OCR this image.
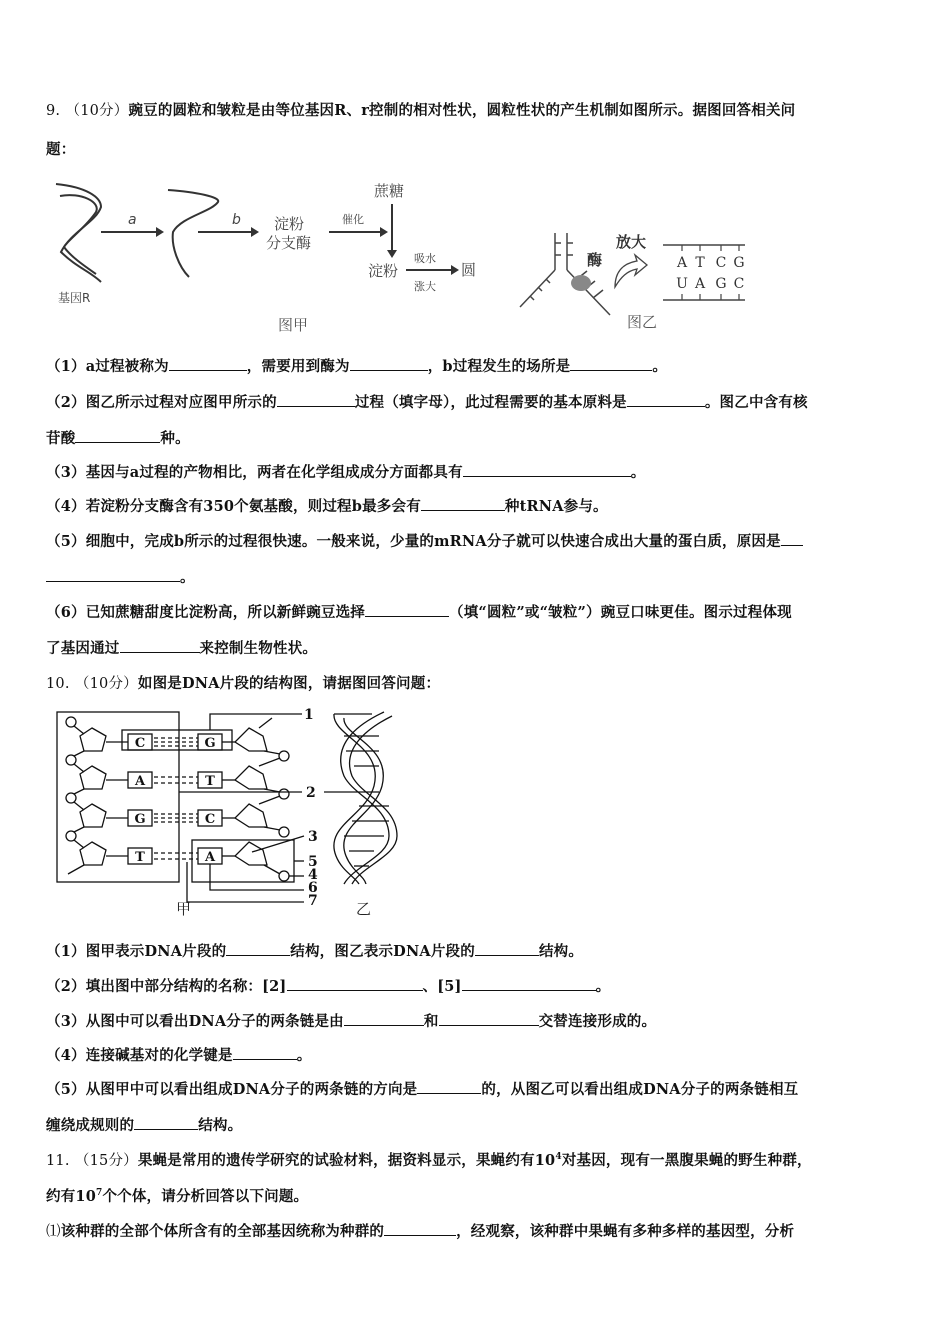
9. （10分）豌豆的圆粒和皱粒是由等位基因R、r控制的相对性状，圆粒性状的产生机制如图所示。据图回答相关问
题：
基因R
a	b 淀粉
分支酶
催化
蔗糖
淀粉
吸水
涨大
圆
图甲
酶
放大
A T C G
U A G C
图乙
（1）a过程被称为	，需要用到酶为	，b过程发生的场所是	。
（2）图乙所示过程对应图甲所示的	过程（填字母），此过程需要的基本原料是	。图乙中含有核
苷酸	种。
（3）基因与a过程的产物相比，两者在化学组成成分方面都具有	。
（4）若淀粉分支酶含有350个氨基酸，则过程b最多会有	种tRNA参与。
（5）细胞中，完成b所示的过程很快速。一般来说，少量的mRNA分子就可以快速合成出大量的蛋白质，原因是
。
（6）已知蔗糖甜度比淀粉高，所以新鲜豌豆选择	（填“圆粒”或“皱粒”）豌豆口味更佳。图示过程体现
了基因通过	来控制生物性状。
10. （10分）如图是DNA片段的结构图，请据图回答问题：
C
A
G
T
G
T
C
A
1
2
3
5
4
6
7
甲	乙
（1）图甲表示DNA片段的	结构，图乙表示DNA片段的	结构。
（2）填出图中部分结构的名称：[2]	、[5]	。
（3）从图中可以看出DNA分子的两条链是由	和	交替连接形成的。
（4）连接碱基对的化学键是	。
（5）从图甲中可以看出组成DNA分子的两条链的方向是	的，从图乙可以看出组成DNA分子的两条链相互
缠绕成规则的	结构。
11. （15分）果蝇是常用的遗传学研究的试验材料，据资料显示，果蝇约有$10^4$对基因，现有一黑腹果蝇的野生种群，
约有$10^7$个个体，请分析回答以下问题。
⑴该种群的全部个体所含有的全部基因统称为种群的	，经观察，该种群中果蝇有多种多样的基因型，分析
